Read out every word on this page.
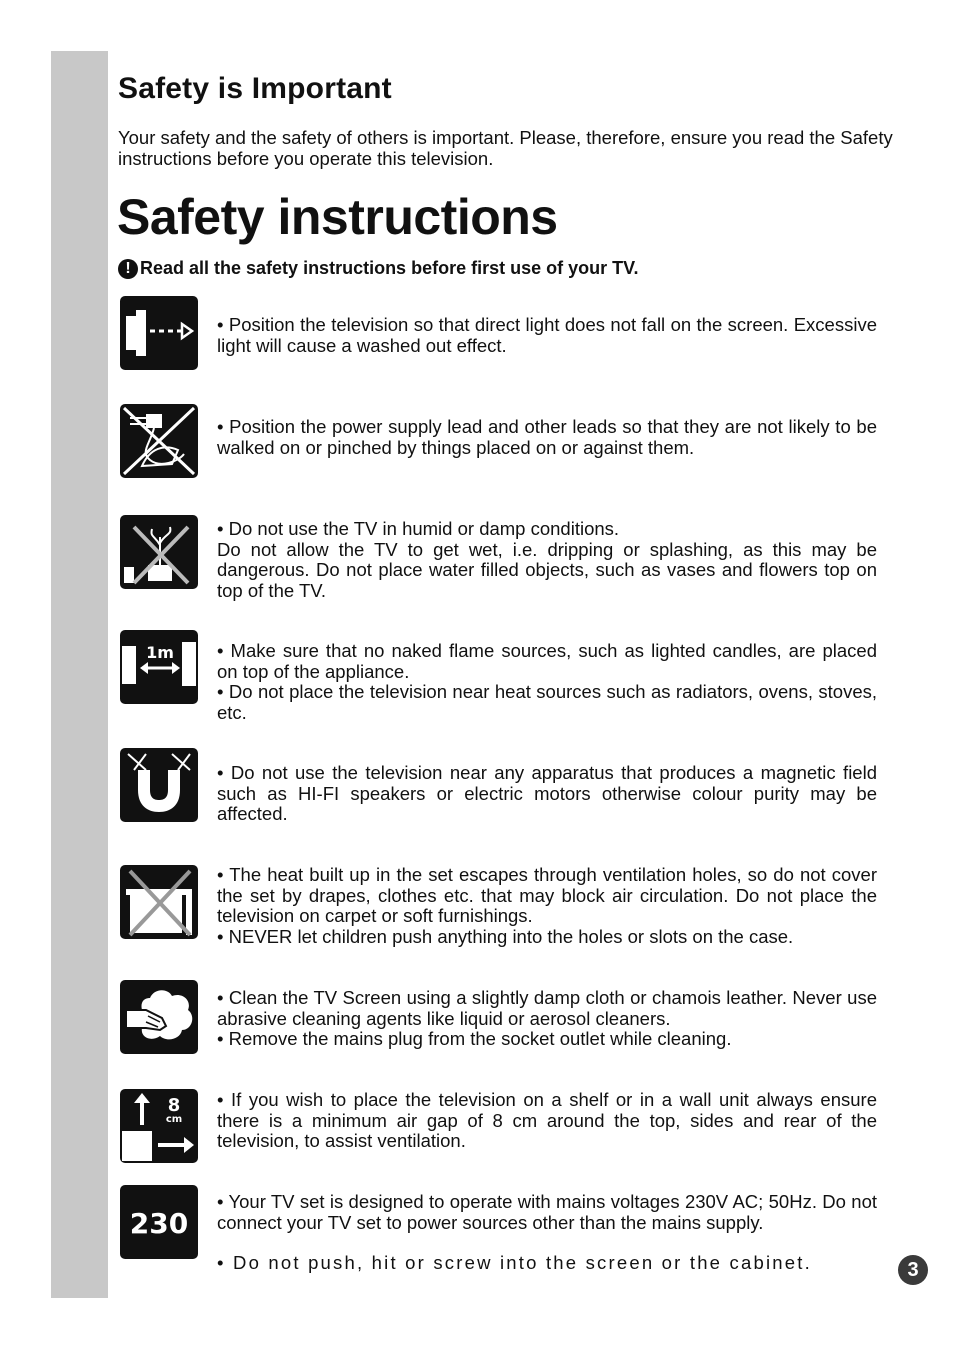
Safety is Important

Your safety and the safety of others is important. Please, therefore, ensure you read the Safety instructions before you operate this television.

Safety instructions
! Read all the safety instructions before first use of your TV.

• Position the television so that direct light does not fall on the screen. Excessive light will cause a washed out effect.

• Position the power supply lead and other leads so that they are not likely to be walked on or pinched by things placed on or against them.

• Do not use the TV in humid or damp conditions.

Do not allow the TV to get wet, i.e. dripping or splashing, as this may be dangerous. Do not place water filled objects, such as vases and flowers top on top of the TV.

1m • Make sure that no naked flame sources, such as lighted candles, are placed on top of the appliance.

• Do not place the television near heat sources such as radiators, ovens, stoves, etc.

• Do not use the television near any apparatus that produces a magnetic field such as HI-FI speakers or electric motors otherwise colour purity may be affected.

• The heat built up in the set escapes through ventilation holes, so do not cover the set by drapes, clothes etc. that may block air circulation. Do not place the television on carpet or soft furnishings.

• NEVER let children push anything into the holes or slots on the case.

• Clean the TV Screen using a slightly damp cloth or chamois leather. Never use abrasive cleaning agents like liquid or aerosol cleaners.

• Remove the mains plug from the socket outlet while cleaning.

8
cm

• If you wish to place the television on a shelf or in a wall unit always ensure there is a minimum air gap of 8 cm around the top, sides and rear of the television, to assist ventilation.

230

• Your TV set is designed to operate with mains voltages 230V AC; 50Hz. Do not connect your TV set to power sources other than the mains supply.

• Do not push, hit or screw into the screen or the cabinet.	3
